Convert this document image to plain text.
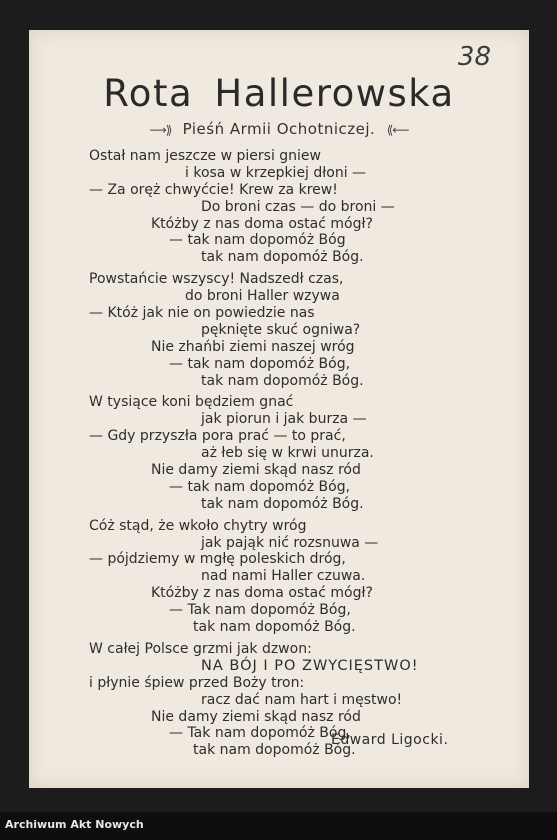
38
Rota Hallerowska
⟶⟫ Pieśń Armii Ochotniczej. ⟪⟵
Ostał nam jeszcze w piersi gniew
i kosa w krzepkiej dłoni —
— Za oręż chwyćcie! Krew za krew!
Do broni czas — do broni —
Któżby z nas doma ostać mógł?
— tak nam dopomóż Bóg
tak nam dopomóż Bóg.
Powstańcie wszyscy! Nadszedł czas,
do broni Haller wzywa
— Któż jak nie on powiedzie nas
pęknięte skuć ogniwa?
Nie zhańbi ziemi naszej wróg
— tak nam dopomóż Bóg,
tak nam dopomóż Bóg.
W tysiące koni będziem gnać
jak piorun i jak burza —
— Gdy przyszła pora prać — to prać,
aż łeb się w krwi unurza.
Nie damy ziemi skąd nasz ród
— tak nam dopomóż Bóg,
tak nam dopomóż Bóg.
Cóż stąd, że wkoło chytry wróg
jak pająk nić rozsnuwa —
— pójdziemy w mgłę poleskich dróg,
nad nami Haller czuwa.
Któżby z nas doma ostać mógł?
— Tak nam dopomóż Bóg,
tak nam dopomóż Bóg.
W całej Polsce grzmi jak dzwon:
NA BÓJ I PO ZWYCIĘSTWO!
i płynie śpiew przed Boży tron:
racz dać nam hart i męstwo!
Nie damy ziemi skąd nasz ród
— Tak nam dopomóż Bóg,
tak nam dopomóż Bóg.
Edward Ligocki.
Archiwum Akt Nowych
